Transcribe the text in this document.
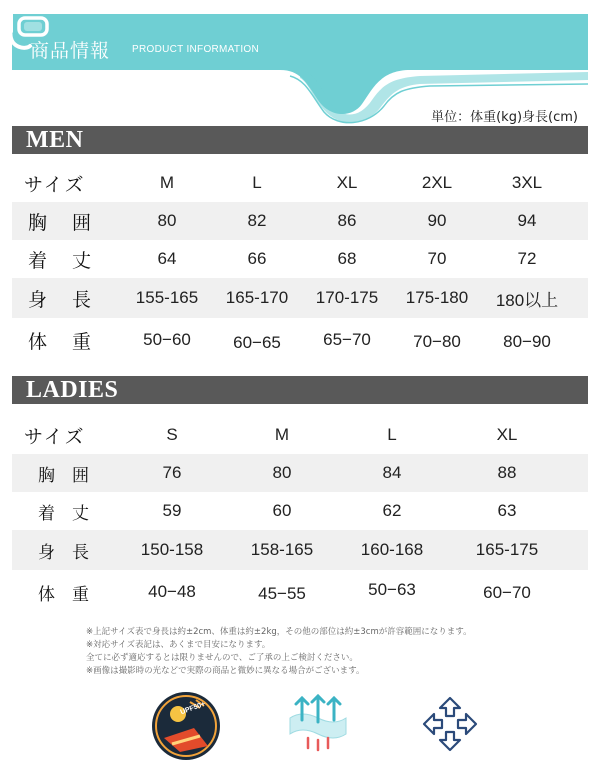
商品情報 PRODUCT INFORMATION
単位：体重(kg)身長(cm)
MEN
サイズ	M	L	XL	2XL	3XL
胸　 囲	80	82	86	90	94
着　 丈	64	66	68	70	72
身　 長	155-165	165-170	170-175	175-180	180以上
体　 重	50−60	60−65	65−70	70−80	80−90
LADIES
サイズ	S	M	L	XL
胸　囲	76	80	84	88
着　丈	59	60	62	63
身　長	150-158	158-165	160-168	165-175
体　重	40−48	45−55	50−63	60−70
※上記サイズ表で身長は約±2cm、体重は約±2kg，その他の部位は約±3cmが許容範囲になります。
※対応サイズ表記は、あくまで目安になります。
全てに必ず適応するとは限りませんので、ご了承の上ご検討ください。
※画像は撮影時の光などで実際の商品と微妙に異なる場合がございます。
UPF50+
